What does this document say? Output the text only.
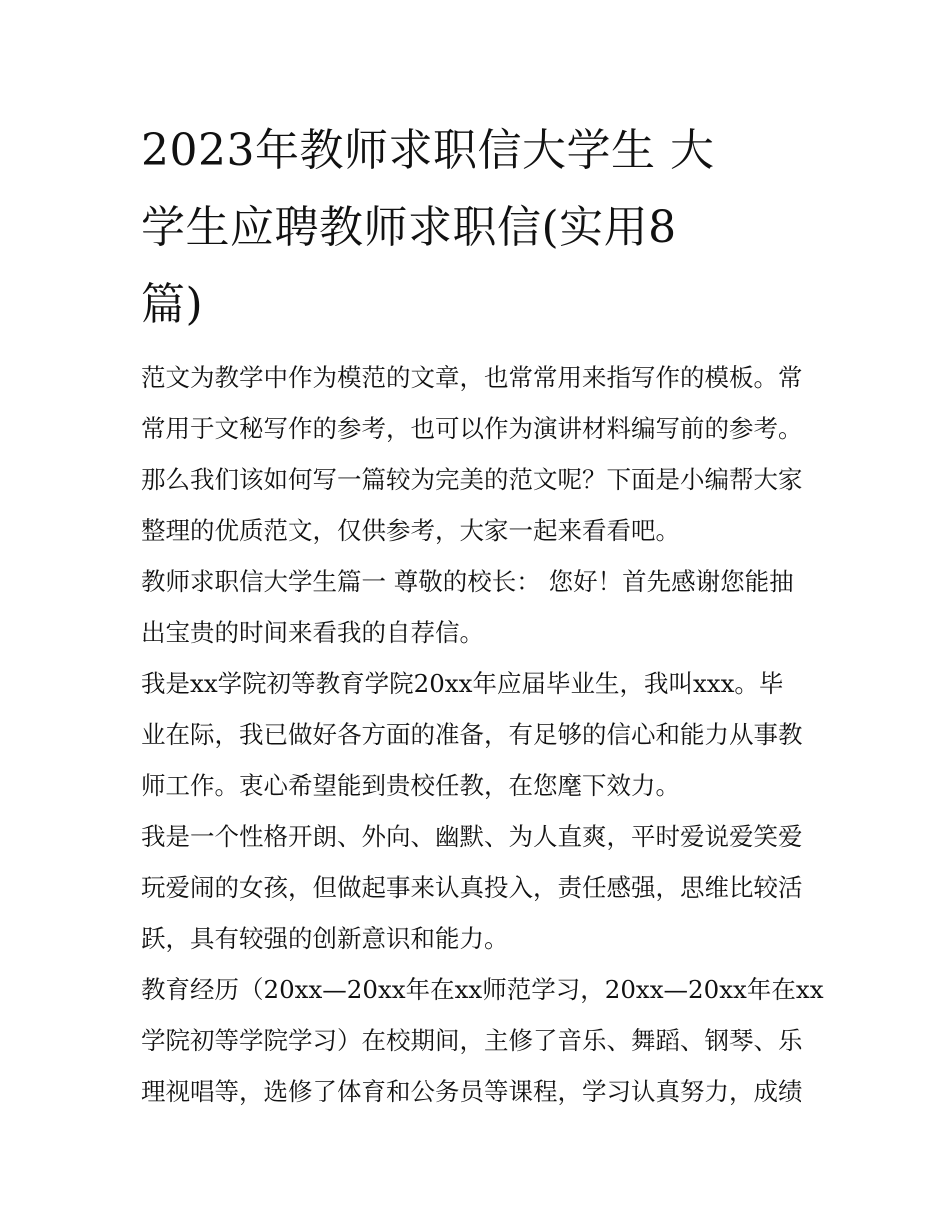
2023年教师求职信大学生 大
学生应聘教师求职信(实用8
篇)

范文为教学中作为模范的文章，也常常用来指写作的模板。常
常用于文秘写作的参考，也可以作为演讲材料编写前的参考。
那么我们该如何写一篇较为完美的范文呢？下面是小编帮大家
整理的优质范文，仅供参考，大家一起来看看吧。

教师求职信大学生篇一 尊敬的校长： 您好！首先感谢您能抽
出宝贵的时间来看我的自荐信。

我是xx学院初等教育学院20xx年应届毕业生，我叫xxx。毕
业在际，我已做好各方面的准备，有足够的信心和能力从事教
师工作。衷心希望能到贵校任教，在您麾下效力。

我是一个性格开朗、外向、幽默、为人直爽，平时爱说爱笑爱
玩爱闹的女孩，但做起事来认真投入，责任感强，思维比较活
跃，具有较强的创新意识和能力。

教育经历（20xx—20xx年在xx师范学习，20xx—20xx年在xx
学院初等学院学习）在校期间，主修了音乐、舞蹈、钢琴、乐
理视唱等，选修了体育和公务员等课程，学习认真努力，成绩
